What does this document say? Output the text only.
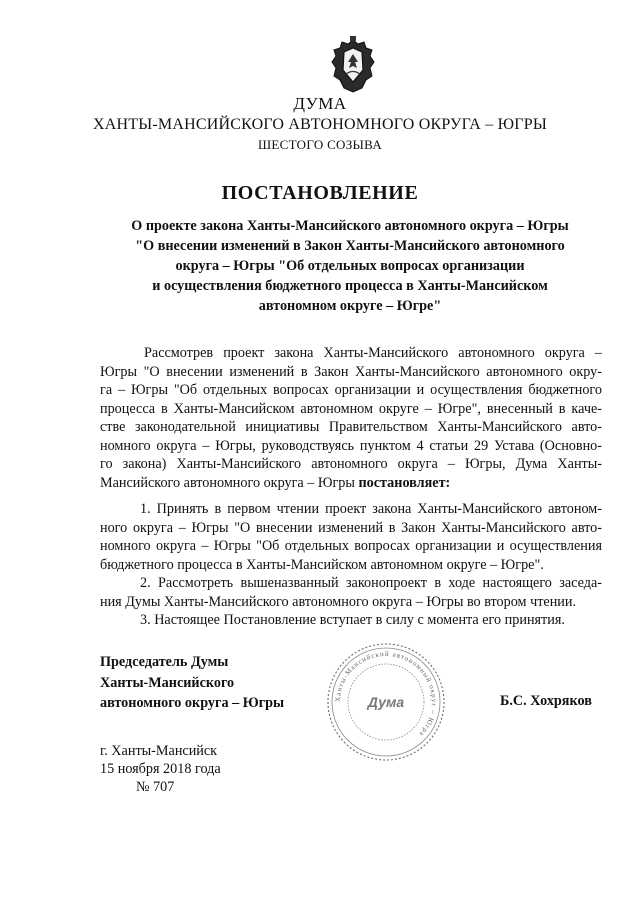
ДУМА
ХАНТЫ-МАНСИЙСКОГО АВТОНОМНОГО ОКРУГА – ЮГРЫ
ШЕСТОГО СОЗЫВА
ПОСТАНОВЛЕНИЕ
О проекте закона Ханты-Мансийского автономного округа – Югры
"О внесении изменений в Закон Ханты-Мансийского автономного
округа – Югры "Об отдельных вопросах организации
и осуществления бюджетного процесса в Ханты-Мансийском
автономном округе – Югре"
Рассмотрев проект закона Ханты-Мансийского автономного округа –
Югры "О внесении изменений в Закон Ханты-Мансийского автономного окру-
га – Югры "Об отдельных вопросах организации и осуществления бюджетного
процесса в Ханты-Мансийском автономном округе – Югре", внесенный в каче-
стве законодательной инициативы Правительством Ханты-Мансийского авто-
номного округа – Югры, руководствуясь пунктом 4 статьи 29 Устава (Основно-
го закона) Ханты-Мансийского автономного округа – Югры, Дума Ханты-
Мансийского автономного округа – Югры постановляет:
1. Принять в первом чтении проект закона Ханты-Мансийского автоном-
ного округа – Югры "О внесении изменений в Закон Ханты-Мансийского авто-
номного округа – Югры "Об отдельных вопросах организации и осуществления
бюджетного процесса в Ханты-Мансийском автономном округе – Югре".
2. Рассмотреть вышеназванный законопроект в ходе настоящего заседа-
ния Думы Ханты-Мансийского автономного округа – Югры во втором чтении.
3. Настоящее Постановление вступает в силу с момента его принятия.
Председатель Думы
Ханты-Мансийского
автономного округа – Югры	Ханты-Мансийский автономный округ – Югра
Дума	Б.С. Хохряков
г. Ханты-Мансийск
15 ноября 2018 года
№ 707
